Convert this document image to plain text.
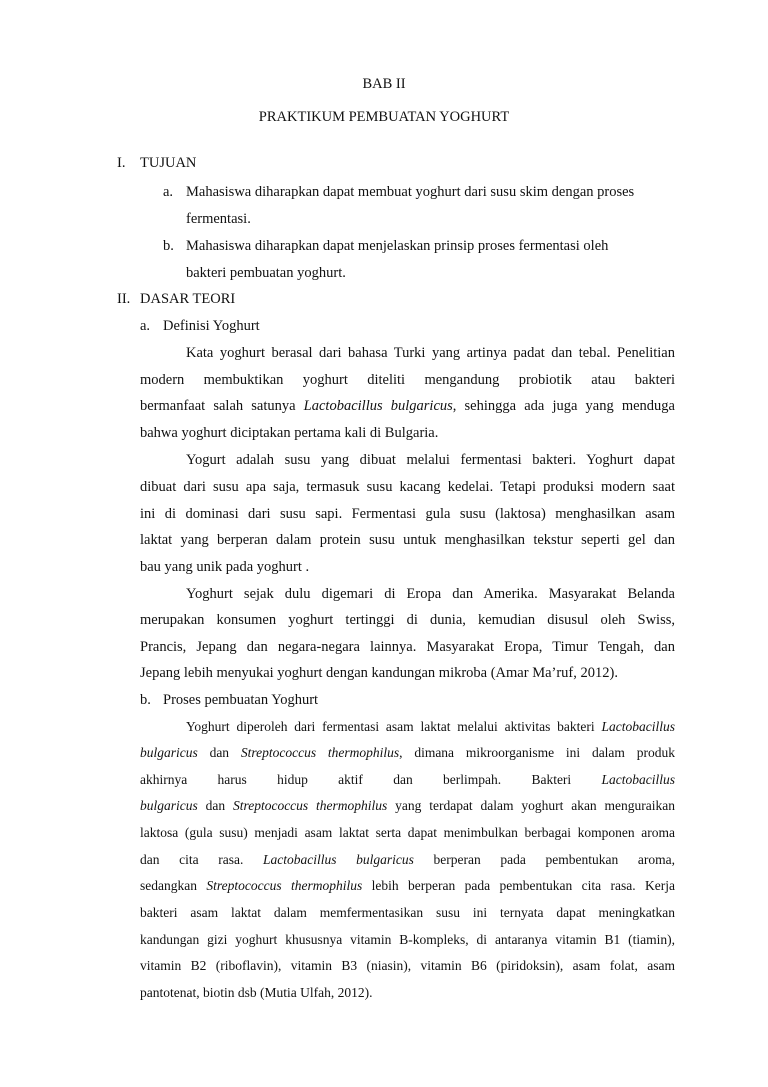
BAB II
PRAKTIKUM PEMBUATAN YOGHURT
I. TUJUAN
a. Mahasiswa diharapkan dapat membuat yoghurt dari susu skim dengan proses
fermentasi.
b. Mahasiswa diharapkan dapat menjelaskan prinsip proses fermentasi oleh
bakteri pembuatan yoghurt.
II. DASAR TEORI
a. Definisi Yoghurt
Kata yoghurt berasal dari bahasa Turki yang artinya padat dan tebal. Penelitian
modern membuktikan yoghurt diteliti mengandung probiotik atau bakteri
bermanfaat salah satunya Lactobacillus bulgaricus, sehingga ada juga yang menduga
bahwa yoghurt diciptakan pertama kali di Bulgaria.
Yogurt adalah susu yang dibuat melalui fermentasi bakteri. Yoghurt dapat
dibuat dari susu apa saja, termasuk susu kacang kedelai. Tetapi produksi modern saat
ini di dominasi dari susu sapi. Fermentasi gula susu (laktosa) menghasilkan asam
laktat yang berperan dalam protein susu untuk menghasilkan tekstur seperti gel dan
bau yang unik pada yoghurt .
Yoghurt sejak dulu digemari di Eropa dan Amerika. Masyarakat Belanda
merupakan konsumen yoghurt tertinggi di dunia, kemudian disusul oleh Swiss,
Prancis, Jepang dan negara-negara lainnya. Masyarakat Eropa, Timur Tengah, dan
Jepang lebih menyukai yoghurt dengan kandungan mikroba (Amar Ma’ruf, 2012).
b. Proses pembuatan Yoghurt
Yoghurt diperoleh dari fermentasi asam laktat melalui aktivitas bakteri Lactobacillus
bulgaricus dan Streptococcus thermophilus, dimana mikroorganisme ini dalam produk
akhirnya harus hidup aktif dan berlimpah. Bakteri Lactobacillus
bulgaricus dan Streptococcus thermophilus yang terdapat dalam yoghurt akan menguraikan
laktosa (gula susu) menjadi asam laktat serta dapat menimbulkan berbagai komponen aroma
dan cita rasa. Lactobacillus bulgaricus berperan pada pembentukan aroma,
sedangkan Streptococcus thermophilus lebih berperan pada pembentukan cita rasa. Kerja
bakteri asam laktat dalam memfermentasikan susu ini ternyata dapat meningkatkan
kandungan gizi yoghurt khususnya vitamin B-kompleks, di antaranya vitamin B1 (tiamin),
vitamin B2 (riboflavin), vitamin B3 (niasin), vitamin B6 (piridoksin), asam folat, asam
pantotenat, biotin dsb (Mutia Ulfah, 2012).
